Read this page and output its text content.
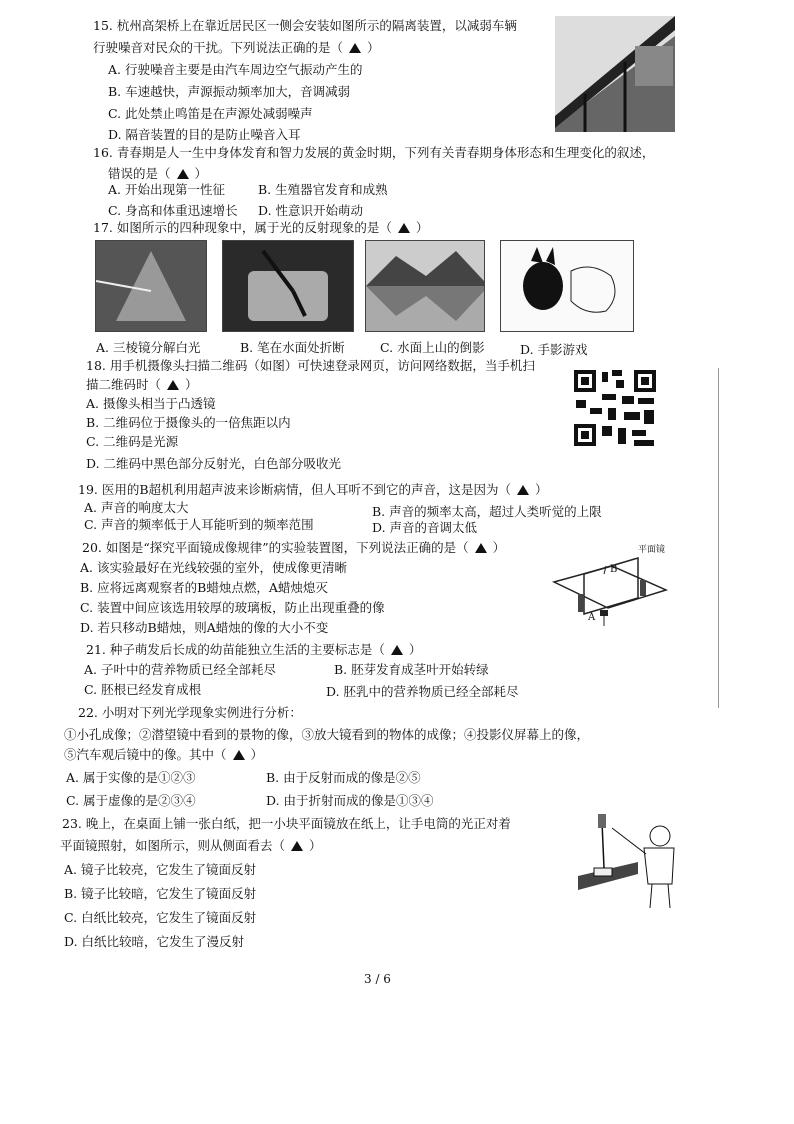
15. 杭州高架桥上在靠近居民区一侧会安装如图所示的隔离装置，以减弱车辆
行驶噪音对民众的干扰。下列说法正确的是（ ）
A. 行驶噪音主要是由汽车周边空气振动产生的
B. 车速越快，声源振动频率加大，音调减弱
C. 此处禁止鸣笛是在声源处减弱噪声
D. 隔音装置的目的是防止噪音入耳
16. 青春期是人一生中身体发育和智力发展的黄金时期，下列有关青春期身体形态和生理变化的叙述，
错误的是（ ）
A. 开始出现第一性征	B. 生殖器官发育和成熟
C. 身高和体重迅速增长 D. 性意识开始萌动
17. 如图所示的四种现象中，属于光的反射现象的是（ ）
A. 三棱镜分解白光	B. 笔在水面处折断	C. 水面上山的倒影	D. 手影游戏
18. 用手机摄像头扫描二维码（如图）可快速登录网页，访问网络数据，当手机扫
描二维码时（ ）
A. 摄像头相当于凸透镜
B. 二维码位于摄像头的一倍焦距以内
C. 二维码是光源
D. 二维码中黑色部分反射光，白色部分吸收光
19. 医用的B超机利用超声波来诊断病情，但人耳听不到它的声音，这是因为（ ）
A. 声音的响度太大	B. 声音的频率太高，超过人类听觉的上限
C. 声音的频率低于人耳能听到的频率范围	D. 声音的音调太低
20. 如图是“探究平面镜成像规律”的实验装置图，下列说法正确的是（ ）
A. 该实验最好在光线较强的室外，使成像更清晰
B. 应将远离观察者的B蜡烛点燃，A蜡烛熄灭
C. 装置中间应该选用较厚的玻璃板，防止出现重叠的像
D. 若只移动B蜡烛，则A蜡烛的像的大小不变
平面镜
B
A
21. 种子萌发后长成的幼苗能独立生活的主要标志是（ ）
A. 子叶中的营养物质已经全部耗尽	B. 胚芽发育成茎叶开始转绿
C. 胚根已经发育成根	D. 胚乳中的营养物质已经全部耗尽
22. 小明对下列光学现象实例进行分析：
①小孔成像；②潜望镜中看到的景物的像，③放大镜看到的物体的成像；④投影仪屏幕上的像，
⑤汽车观后镜中的像。其中（ ）
A. 属于实像的是①②③	B. 由于反射而成的像是②⑤
C. 属于虚像的是②③④	D. 由于折射而成的像是①③④
23. 晚上，在桌面上铺一张白纸，把一小块平面镜放在纸上，让手电筒的光正对着
平面镜照射，如图所示，则从侧面看去（ ）
A. 镜子比较亮，它发生了镜面反射
B. 镜子比较暗，它发生了镜面反射
C. 白纸比较亮，它发生了镜面反射
D. 白纸比较暗，它发生了漫反射
3 / 6
